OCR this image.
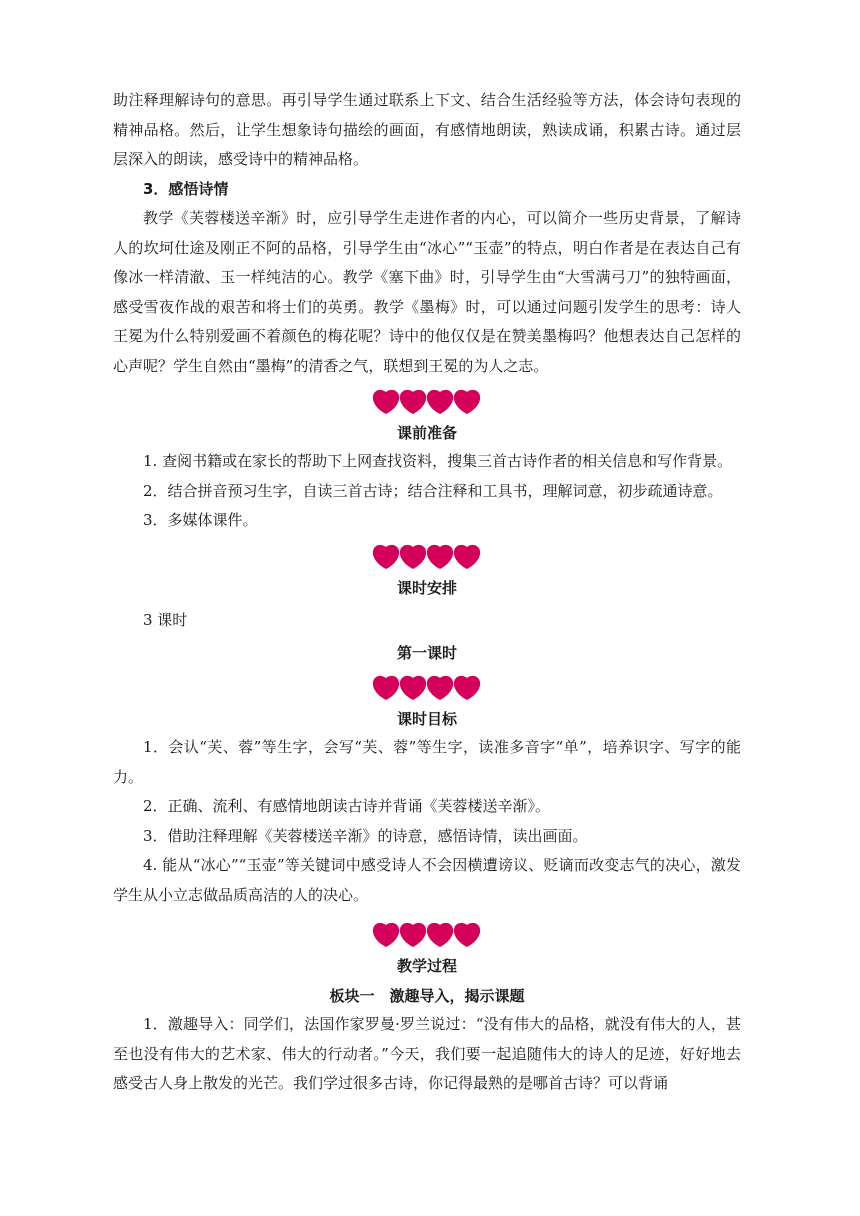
助注释理解诗句的意思。再引导学生通过联系上下文、结合生活经验等方法，体会诗句表现的精神品格。然后，让学生想象诗句描绘的画面，有感情地朗读，熟读成诵，积累古诗。通过层层深入的朗读，感受诗中的精神品格。

3．感悟诗情

教学《芙蓉楼送辛渐》时，应引导学生走进作者的内心，可以简介一些历史背景，了解诗人的坎坷仕途及刚正不阿的品格，引导学生由“冰心”“玉壶”的特点，明白作者是在表达自己有像冰一样清澈、玉一样纯洁的心。教学《塞下曲》时，引导学生由“大雪满弓刀”的独特画面，感受雪夜作战的艰苦和将士们的英勇。教学《墨梅》时，可以通过问题引发学生的思考：诗人王冕为什么特别爱画不着颜色的梅花呢？诗中的他仅仅是在赞美墨梅吗？他想表达自己怎样的心声呢？学生自然由“墨梅”的清香之气，联想到王冕的为人之志。

课前准备

1. 查阅书籍或在家长的帮助下上网查找资料，搜集三首古诗作者的相关信息和写作背景。

2．结合拼音预习生字，自读三首古诗；结合注释和工具书，理解词意，初步疏通诗意。

3．多媒体课件。

课时安排

3 课时

第一课时
课时目标

1．会认“芙、蓉”等生字，会写“芙、蓉”等生字，读准多音字“单”，培养识字、写字的能力。

2．正确、流利、有感情地朗读古诗并背诵《芙蓉楼送辛渐》。

3．借助注释理解《芙蓉楼送辛渐》的诗意，感悟诗情，读出画面。

4. 能从“冰心”“玉壶”等关键词中感受诗人不会因横遭谤议、贬谪而改变志气的决心，激发学生从小立志做品质高洁的人的决心。

教学过程
板块一　激趣导入，揭示课题

1．激趣导入：同学们，法国作家罗曼·罗兰说过：“没有伟大的品格，就没有伟大的人，甚至也没有伟大的艺术家、伟大的行动者。”今天，我们要一起追随伟大的诗人的足迹，好好地去感受古人身上散发的光芒。我们学过很多古诗，你记得最熟的是哪首古诗？可以背诵
